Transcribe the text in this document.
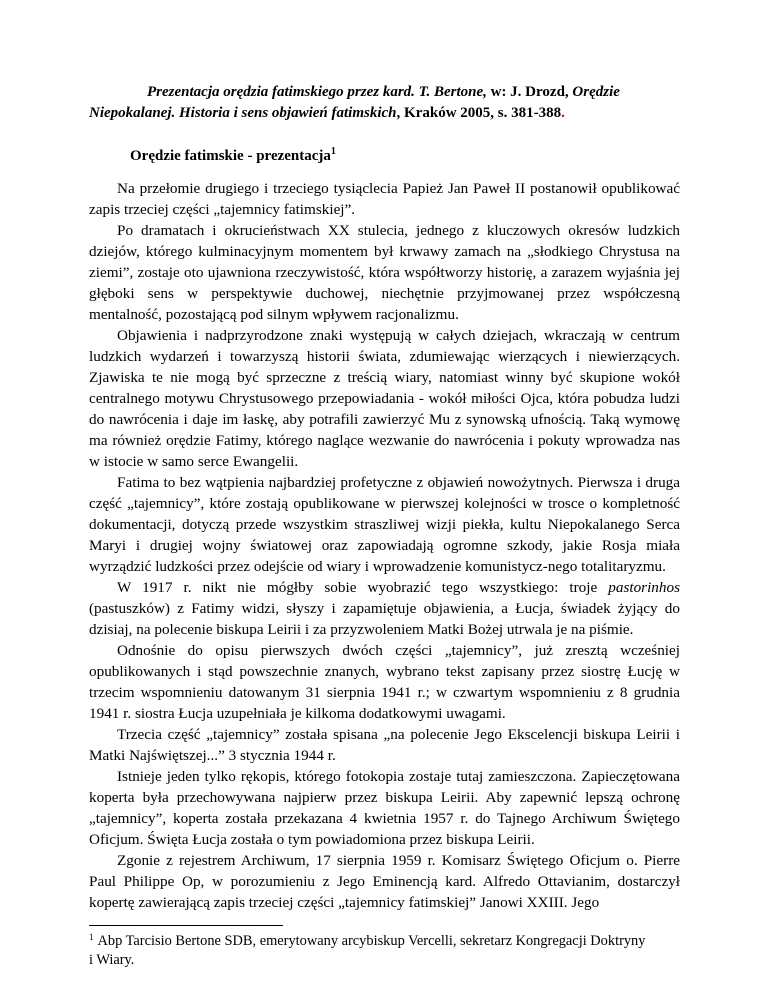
Prezentacja orędzia fatimskiego przez kard. T. Bertone, w: J. Drozd, Orędzie Niepokalanej. Historia i sens objawień fatimskich, Kraków 2005, s. 381-388.
Orędzie fatimskie - prezentacja$^1$

Na przełomie drugiego i trzeciego tysiąclecia Papież Jan Paweł II postanowił opublikować zapis trzeciej części „tajemnicy fatimskiej”.

Po dramatach i okrucieństwach XX stulecia, jednego z kluczowych okresów ludzkich dziejów, którego kulminacyjnym momentem był krwawy zamach na „słodkiego Chrystusa na ziemi”, zostaje oto ujawniona rzeczywistość, która współtworzy historię, a zarazem wyjaśnia jej głęboki sens w perspektywie duchowej, niechętnie przyjmowanej przez współczesną mentalność, pozostającą pod silnym wpływem racjonalizmu.

Objawienia i nadprzyrodzone znaki występują w całych dziejach, wkraczają w centrum ludzkich wydarzeń i towarzyszą historii świata, zdumiewając wierzących i niewierzących. Zjawiska te nie mogą być sprzeczne z treścią wiary, natomiast winny być skupione wokół centralnego motywu Chrystusowego przepowiadania - wokół miłości Ojca, która pobudza ludzi do nawrócenia i daje im łaskę, aby potrafili zawierzyć Mu z synowską ufnością. Taką wymowę ma również orędzie Fatimy, którego naglące wezwanie do nawrócenia i pokuty wprowadza nas w istocie w samo serce Ewangelii.

Fatima to bez wątpienia najbardziej profetyczne z objawień nowożytnych. Pierwsza i druga część „tajemnicy”, które zostają opublikowane w pierwszej kolejności w trosce o kompletność dokumentacji, dotyczą przede wszystkim straszliwej wizji piekła, kultu Niepokalanego Serca Maryi i drugiej wojny światowej oraz zapowiadają ogromne szkody, jakie Rosja miała wyrządzić ludzkości przez odejście od wiary i wprowadzenie komunistycz-nego totalitaryzmu.

W 1917 r. nikt nie mógłby sobie wyobrazić tego wszystkiego: troje pastorinhos (pastuszków) z Fatimy widzi, słyszy i zapamiętuje objawienia, a Łucja, świadek żyjący do dzisiaj, na polecenie biskupa Leirii i za przyzwoleniem Matki Bożej utrwala je na piśmie.

Odnośnie do opisu pierwszych dwóch części „tajemnicy”, już zresztą wcześniej opublikowanych i stąd powszechnie znanych, wybrano tekst zapisany przez siostrę Łucję w trzecim wspomnieniu datowanym 31 sierpnia 1941 r.; w czwartym wspomnieniu z 8 grudnia 1941 r. siostra Łucja uzupełniała je kilkoma dodatkowymi uwagami.

Trzecia część „tajemnicy” została spisana „na polecenie Jego Ekscelencji biskupa Leirii i Matki Najświętszej...” 3 stycznia 1944 r.

Istnieje jeden tylko rękopis, którego fotokopia zostaje tutaj zamieszczona. Zapieczętowana koperta była przechowywana najpierw przez biskupa Leirii. Aby zapewnić lepszą ochronę „tajemnicy”, koperta została przekazana 4 kwietnia 1957 r. do Tajnego Archiwum Świętego Oficjum. Święta Łucja została o tym powiadomiona przez biskupa Leirii.

Zgonie z rejestrem Archiwum, 17 sierpnia 1959 r. Komisarz Świętego Oficjum o. Pierre Paul Philippe Op, w porozumieniu z Jego Eminencją kard. Alfredo Ottavianim, dostarczył kopertę zawierającą zapis trzeciej części „tajemnicy fatimskiej” Janowi XXIII. Jego

$^1$ Abp Tarcisio Bertone SDB, emerytowany arcybiskup Vercelli, sekretarz Kongregacji Doktryny i Wiary.
